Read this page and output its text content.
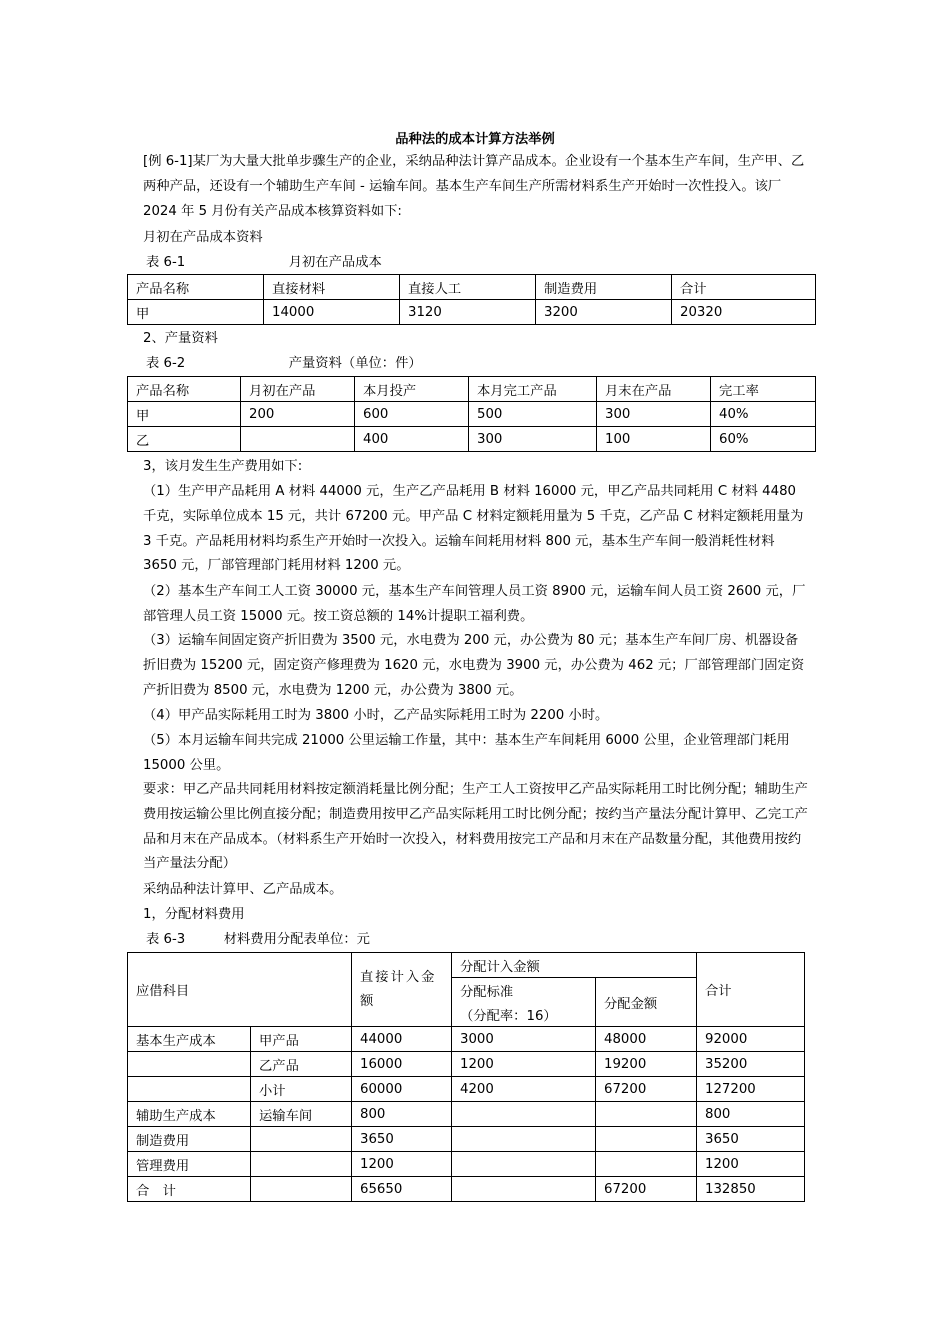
品种法的成本计算方法举例
[例 6-1]某厂为大量大批单步骤生产的企业，采纳品种法计算产品成本。企业设有一个基本生产车间，生产甲、乙两种产品，还设有一个辅助生产车间 - 运输车间。基本生产车间生产所需材料系生产开始时一次性投入。该厂 2024 年 5 月份有关产品成本核算资料如下:
月初在产品成本资料
表 6-1	月初在产品成本
产品名称	直接材料	直接人工	制造费用	合计
甲	14000	3120	3200	20320
2、产量资料
表 6-2	产量资料（单位：件）
产品名称	月初在产品	本月投产	本月完工产品	月末在产品	完工率
甲	200	600	500	300	40%
乙		400	300	100	60%
3，该月发生生产费用如下:
（1）生产甲产品耗用 A 材料 44000 元，生产乙产品耗用 B 材料 16000 元，甲乙产品共同耗用 C 材料 4480 千克，实际单位成本 15 元，共计 67200 元。甲产品 C 材料定额耗用量为 5 千克，乙产品 C 材料定额耗用量为 3 千克。产品耗用材料均系生产开始时一次投入。运输车间耗用材料 800 元，基本生产车间一般消耗性材料 3650 元，厂部管理部门耗用材料 1200 元。
（2）基本生产车间工人工资 30000 元，基本生产车间管理人员工资 8900 元，运输车间人员工资 2600 元，厂部管理人员工资 15000 元。按工资总额的 14%计提职工福利费。
（3）运输车间固定资产折旧费为 3500 元，水电费为 200 元，办公费为 80 元；基本生产车间厂房、机器设备折旧费为 15200 元，固定资产修理费为 1620 元，水电费为 3900 元，办公费为 462 元；厂部管理部门固定资产折旧费为 8500 元，水电费为 1200 元，办公费为 3800 元。
（4）甲产品实际耗用工时为 3800 小时，乙产品实际耗用工时为 2200 小时。
（5）本月运输车间共完成 21000 公里运输工作量，其中：基本生产车间耗用 6000 公里，企业管理部门耗用 15000 公里。
要求：甲乙产品共同耗用材料按定额消耗量比例分配；生产工人工资按甲乙产品实际耗用工时比例分配；辅助生产费用按运输公里比例直接分配；制造费用按甲乙产品实际耗用工时比例分配；按约当产量法分配计算甲、乙完工产品和月末在产品成本。（材料系生产开始时一次投入，材料费用按完工产品和月末在产品数量分配，其他费用按约当产量法分配）
采纳品种法计算甲、乙产品成本。
1，分配材料费用
表 6-3	材料费用分配表单位：元
应借科目		直接计入金额	分配计入金额		合计
			分配标准	分配金额	
			（分配率：16）		
基本生产成本	甲产品	44000	3000	48000	92000
	乙产品	16000	1200	19200	35200
	小计	60000	4200	67200	127200
辅助生产成本	运输车间	800			800
制造费用		3650			3650
管理费用		1200			1200
合　计		65650		67200	132850
